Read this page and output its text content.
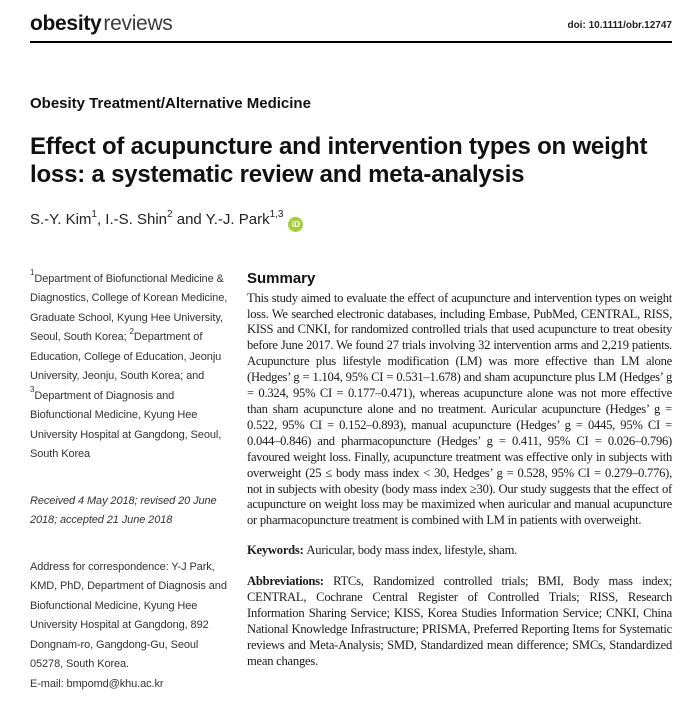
obesityreviews	doi: 10.1111/obr.12747
Obesity Treatment/Alternative Medicine
Effect of acupuncture and intervention types on weight loss: a systematic review and meta-analysis
S.-Y. Kim$^1$, I.-S. Shin$^2$ and Y.-J. Park$^{1,3}$iD

$^1$Department of Biofunctional Medicine & Diagnostics, College of Korean Medicine, Graduate School, Kyung Hee University, Seoul, South Korea; $^2$Department of Education, College of Education, Jeonju University, Jeonju, South Korea; and $^3$Department of Diagnosis and Biofunctional Medicine, Kyung Hee University Hospital at Gangdong, Seoul, South Korea

Received 4 May 2018; revised 20 June 2018; accepted 21 June 2018

Address for correspondence: Y-J Park, KMD, PhD, Department of Diagnosis and Biofunctional Medicine, Kyung Hee University Hospital at Gangdong, 892 Dongnam-ro, Gangdong-Gu, Seoul 05278, South Korea.
E-mail: bmpomd@khu.ac.kr

Summary

This study aimed to evaluate the effect of acupuncture and intervention types on weight loss. We searched electronic databases, including Embase, PubMed, CENTRAL, RISS, KISS and CNKI, for randomized controlled trials that used acupuncture to treat obesity before June 2017. We found 27 trials involving 32 intervention arms and 2,219 patients. Acupuncture plus lifestyle modification (LM) was more effective than LM alone (Hedges’ g = 1.104, 95% CI = 0.531–1.678) and sham acupuncture plus LM (Hedges’ g = 0.324, 95% CI = 0.177–0.471), whereas acupuncture alone was not more effective than sham acupuncture alone and no treatment. Auricular acupuncture (Hedges’ g = 0.522, 95% CI = 0.152–0.893), manual acupuncture (Hedges’ g = 0445, 95% CI = 0.044–0.846) and pharmacopuncture (Hedges’ g = 0.411, 95% CI = 0.026–0.796) favoured weight loss. Finally, acupuncture treatment was effective only in subjects with overweight (25 ≤ body mass index < 30, Hedges’ g = 0.528, 95% CI = 0.279–0.776), not in subjects with obesity (body mass index ≥30). Our study suggests that the effect of acupuncture on weight loss may be maximized when auricular and manual acupuncture or pharmacopuncture treatment is combined with LM in patients with overweight.

Keywords: Auricular, body mass index, lifestyle, sham.

Abbreviations: RTCs, Randomized controlled trials; BMI, Body mass index; CENTRAL, Cochrane Central Register of Controlled Trials; RISS, Research Information Sharing Service; KISS, Korea Studies Information Service; CNKI, China National Knowledge Infrastructure; PRISMA, Preferred Reporting Items for Systematic reviews and Meta-Analysis; SMD, Standardized mean difference; SMCs, Standardized mean changes.
